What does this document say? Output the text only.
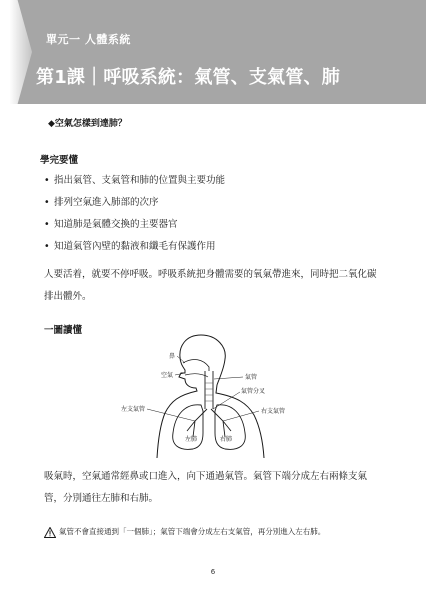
單元一 人體系統
第1課｜呼吸系統：氣管、支氣管、肺
◆空氣怎樣到達肺？
學完要懂
• 指出氣管、支氣管和肺的位置與主要功能
• 排列空氣進入肺部的次序
• 知道肺是氣體交換的主要器官
• 知道氣管內壁的黏液和纖毛有保護作用
人要活着，就要不停呼吸。呼吸系統把身體需要的氧氣帶進來，同時把二氧化碳排出體外。
一圖讀懂
鼻
空氣	氣管
氣管分叉
左支氣管	右支氣管
左肺	右肺
吸氣時，空氣通常經鼻或口進入，向下通過氣管。氣管下端分成左右兩條支氣管，分別通往左肺和右肺。
氣管不會直接通到「一個肺」；氣管下端會分成左右支氣管，再分別進入左右肺。
6
